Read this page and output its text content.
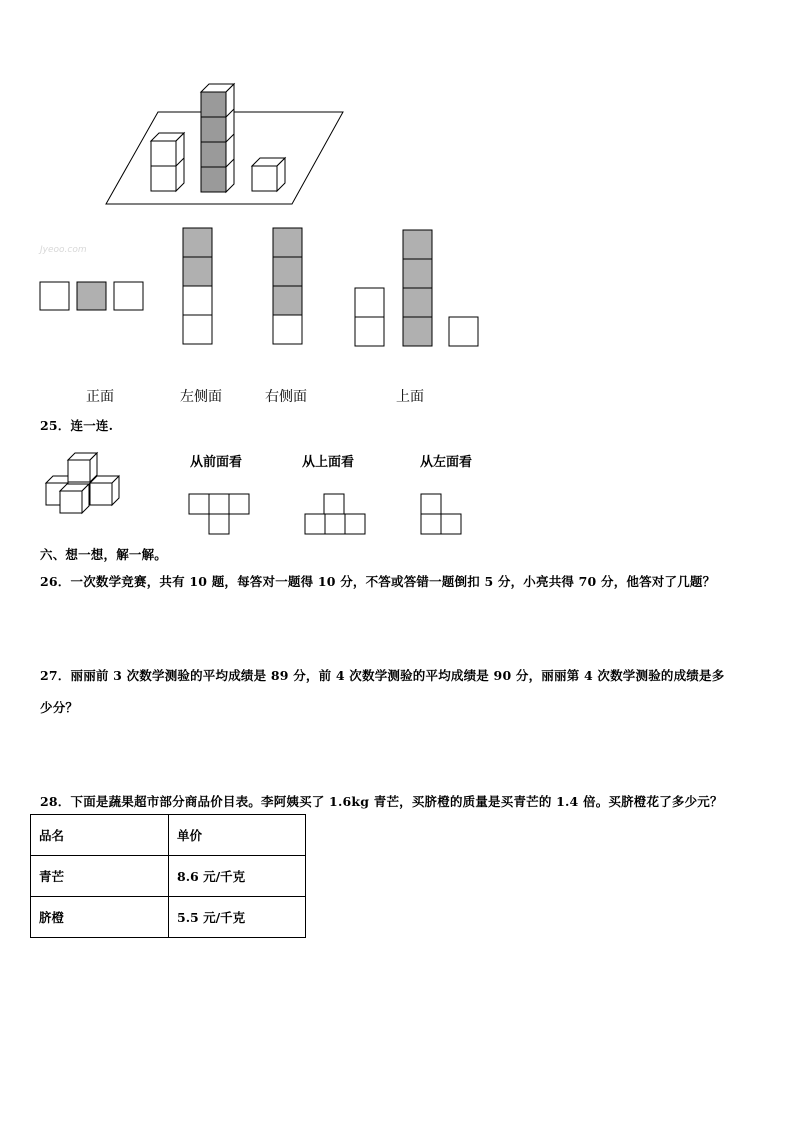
Jyeoo.com
正面	左侧面	右侧面	上面
25．连一连.
从前面看	从上面看	从左面看
六、想一想，解一解。
26．一次数学竞赛，共有 10 题，每答对一题得 10 分，不答或答错一题倒扣 5 分，小亮共得 70 分，他答对了几题？
27．丽丽前 3 次数学测验的平均成绩是 89 分，前 4 次数学测验的平均成绩是 90 分，丽丽第 4 次数学测验的成绩是多
少分？
28．下面是蔬果超市部分商品价目表。李阿姨买了 1.6kg 青芒，买脐橙的质量是买青芒的 1.4 倍。买脐橙花了多少元？
品名	单价
青芒	8.6 元/千克
脐橙	5.5 元/千克
